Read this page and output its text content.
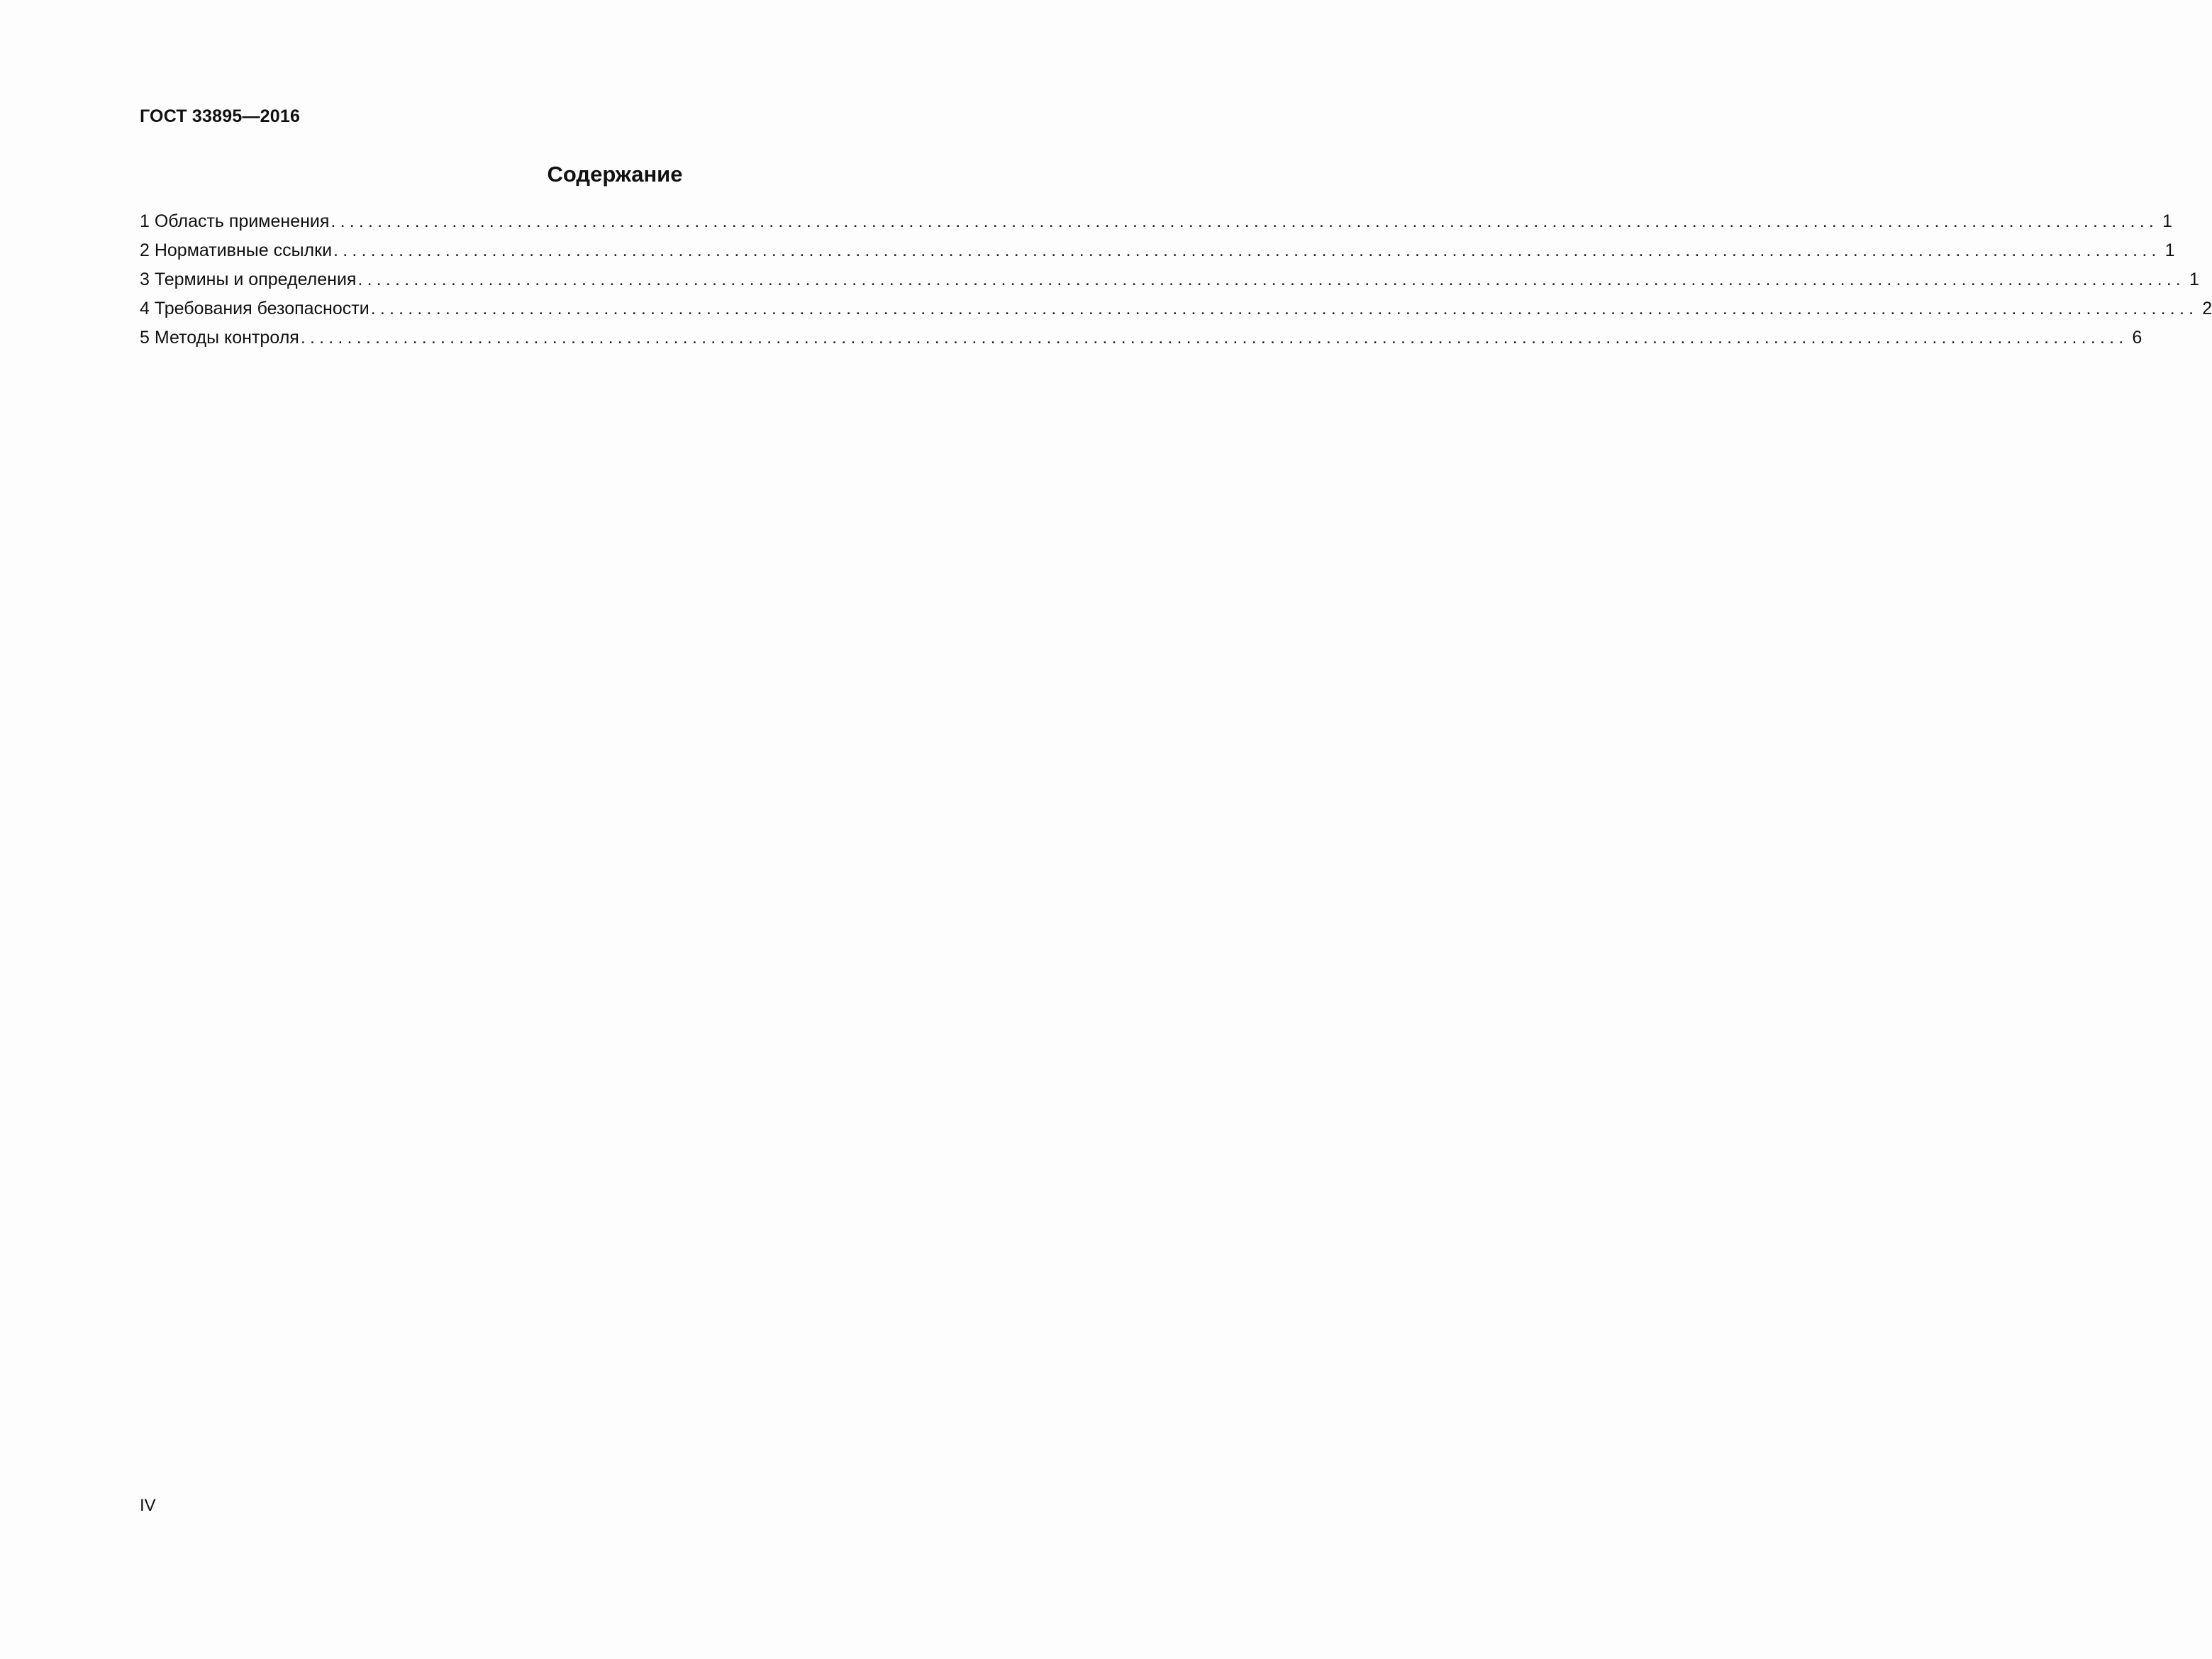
ГОСТ 33895—2016
Содержание
1 Область применения .................................................................................................................................................................................................... 1
2 Нормативные ссылки .................................................................................................................................................................................................... 1
3 Термины и определения .................................................................................................................................................................................................... 1
4 Требования безопасности .................................................................................................................................................................................................... 2
5 Методы контроля .................................................................................................................................................................................................... 6
IV
